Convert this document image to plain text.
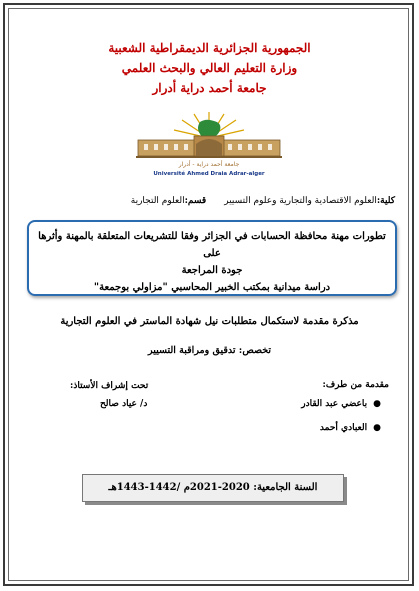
الجمهورية الجزائرية الديمقراطية الشعبية
وزارة التعليم العالي والبحث العلمي
جامعة أحمد دراية أدرار
جامعة أحمد دراية - أدرار
Université Ahmed Draia Adrar-alger
كلية:
العلوم الاقتصادية والتجارية وعلوم التسيير
قسم:
العلوم التجارية
تطورات مهنة محافظة الحسابات في الجزائر وفقا للتشريعات المتعلقة بالمهنة وأثرها على
جودة المراجعة
دراسة ميدانية بمكتب الخبير المحاسبي "مزاولي بوجمعة"
مذكرة مقدمة لاستكمال متطلبات نيل شهادة الماستر في العلوم التجارية
تخصص: تدقيق ومراقبة التسيير
مقدمة من طرف:
تحت إشراف الأستاذ:
●باعضي عبد القادر
●العبادي أحمد
د/ عياد صالح
السنة الجامعية: 2020-2021م /1442-1443هـ
